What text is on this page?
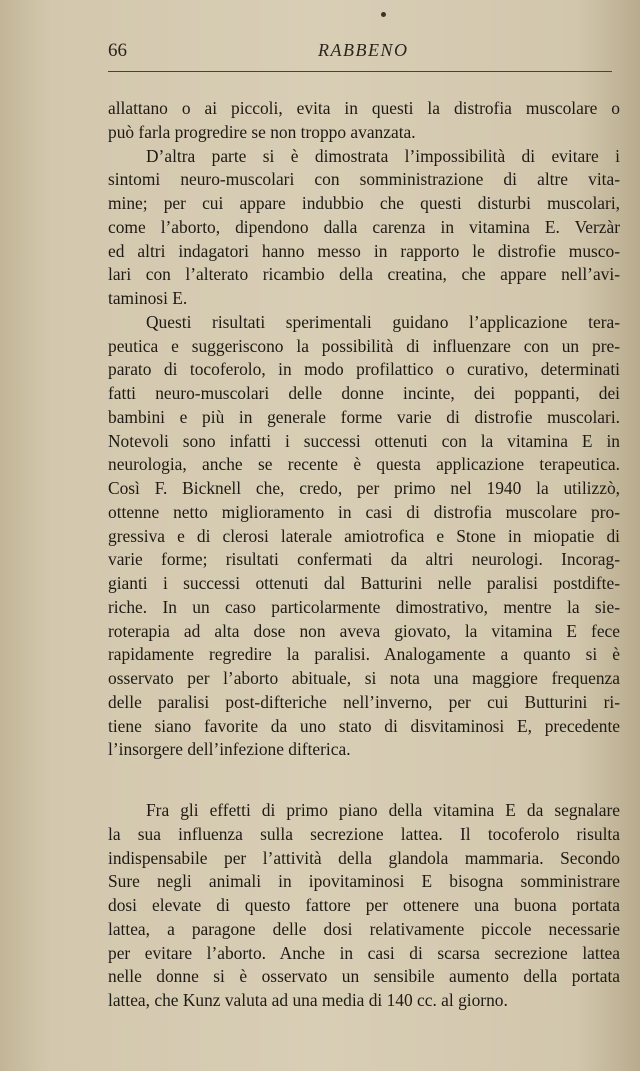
66	RABBENO
allattano o ai piccoli, evita in questi la distrofia muscolare o
può farla progredire se non troppo avanzata.
D’altra parte si è dimostrata l’impossibilità di evitare i
sintomi neuro-muscolari con somministrazione di altre vita-
mine; per cui appare indubbio che questi disturbi muscolari,
come l’aborto, dipendono dalla carenza in vitamina E. Verzàr
ed altri indagatori hanno messo in rapporto le distrofie musco-
lari con l’alterato ricambio della creatina, che appare nell’avi-
taminosi E.
Questi risultati sperimentali guidano l’applicazione tera-
peutica e suggeriscono la possibilità di influenzare con un pre-
parato di tocoferolo, in modo profilattico o curativo, determinati
fatti neuro-muscolari delle donne incinte, dei poppanti, dei
bambini e più in generale forme varie di distrofie muscolari.
Notevoli sono infatti i successi ottenuti con la vitamina E in
neurologia, anche se recente è questa applicazione terapeutica.
Così F. Bicknell che, credo, per primo nel 1940 la utilizzò,
ottenne netto miglioramento in casi di distrofia muscolare pro-
gressiva e di clerosi laterale amiotrofica e Stone in miopatie di
varie forme; risultati confermati da altri neurologi. Incorag-
gianti i successi ottenuti dal Batturini nelle paralisi postdifte-
riche. In un caso particolarmente dimostrativo, mentre la sie-
roterapia ad alta dose non aveva giovato, la vitamina E fece
rapidamente regredire la paralisi. Analogamente a quanto si è
osservato per l’aborto abituale, si nota una maggiore frequenza
delle paralisi post-difteriche nell’inverno, per cui Butturini ri-
tiene siano favorite da uno stato di disvitaminosi E, precedente
l’insorgere dell’infezione difterica.
Fra gli effetti di primo piano della vitamina E da segnalare
la sua influenza sulla secrezione lattea. Il tocoferolo risulta
indispensabile per l’attività della glandola mammaria. Secondo
Sure negli animali in ipovitaminosi E bisogna somministrare
dosi elevate di questo fattore per ottenere una buona portata
lattea, a paragone delle dosi relativamente piccole necessarie
per evitare l’aborto. Anche in casi di scarsa secrezione lattea
nelle donne si è osservato un sensibile aumento della portata
lattea, che Kunz valuta ad una media di 140 cc. al giorno.
